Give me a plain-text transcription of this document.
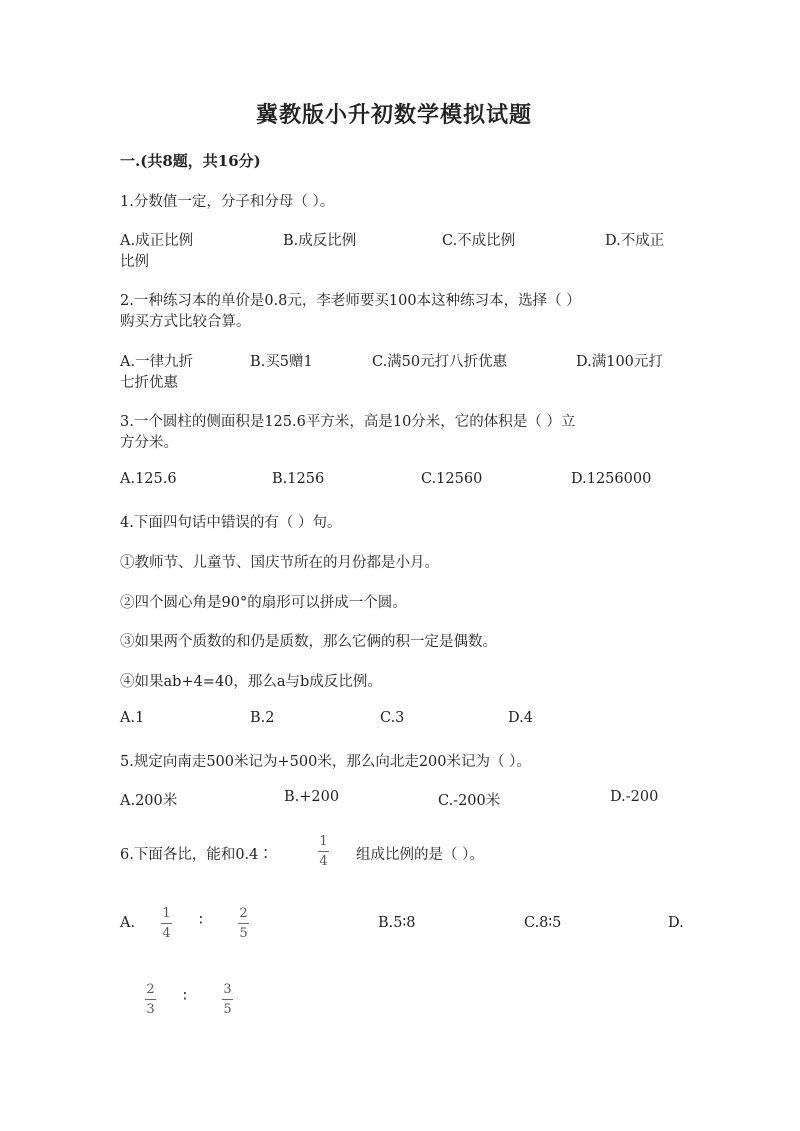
冀教版小升初数学模拟试题
一.(共8题，共16分)
1.分数值一定，分子和分母（ ）。
A.成正比例	B.成反比例	C.不成比例	D.不成正
比例
2.一种练习本的单价是0.8元，李老师要买100本这种练习本，选择（ ）
购买方式比较合算。
A.一律九折	B.买5赠1	C.满50元打八折优惠	D.满100元打
七折优惠
3.一个圆柱的侧面积是125.6平方米，高是10分米，它的体积是（ ）立
方分米。
A.125.6	B.1256	C.12560	D.1256000
4.下面四句话中错误的有（ ）句。
①教师节、儿童节、国庆节所在的月份都是小月。
②四个圆心角是90°的扇形可以拼成一个圆。
③如果两个质数的和仍是质数，那么它俩的积一定是偶数。
④如果ab+4=40，那么a与b成反比例。
A.1	B.2	C.3	D.4
5.规定向南走500米记为+500米，那么向北走200米记为（ ）。
A.200米	B.+200	C.-200米	D.-200
6.下面各比，能和0.4∶
1
4 组成比例的是（ ）。
A.
1
4
∶	2
5
B.5∶8	C.8∶5	D.
2
3
∶	3
5
